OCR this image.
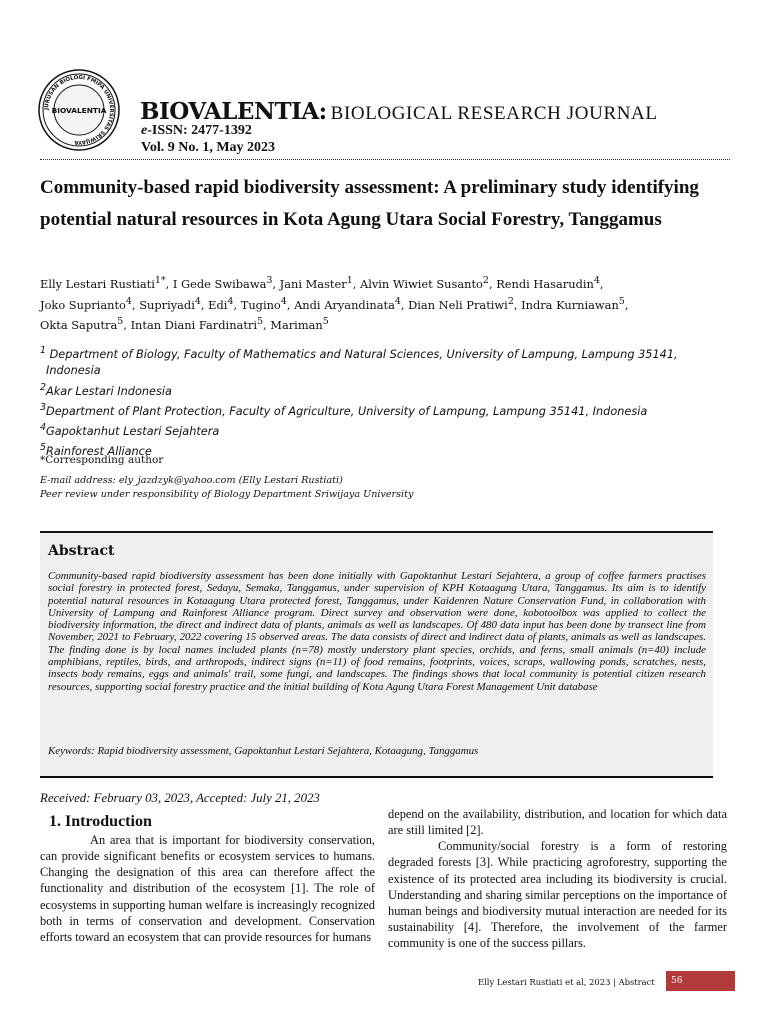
JURUSAN BIOLOGI FMIPA UNIVERSITAS SRIWIJAYA
BIOVALENTIA BIOVALENTIA: BIOLOGICAL RESEARCH JOURNAL
e-ISSN: 2477-1392
Vol. 9 No. 1, May 2023
Community-based rapid biodiversity assessment: A preliminary study identifying potential natural resources in Kota Agung Utara Social Forestry, Tanggamus
Elly Lestari Rustiati$^{1*}$, I Gede Swibawa$^3$, Jani Master$^1$, Alvin Wiwiet Susanto$^2$, Rendi Hasarudin$^4$,
Joko Suprianto$^4$, Supriyadi$^4$, Edi$^4$, Tugino$^4$, Andi Aryandinata$^4$, Dian Neli Pratiwi$^2$, Indra Kurniawan$^5$,
Okta Saputra$^5$, Intan Diani Fardinatri$^5$, Mariman$^5$
$^1$ Department of Biology, Faculty of Mathematics and Natural Sciences, University of Lampung, Lampung 35141,
Indonesia
$^2$Akar Lestari Indonesia
$^3$Department of Plant Protection, Faculty of Agriculture, University of Lampung, Lampung 35141, Indonesia
$^4$Gapoktanhut Lestari Sejahtera
$^5$Rainforest Alliance
*Corresponding author
E-mail address: ely_jazdzyk@yahoo.com (Elly Lestari Rustiati)
Peer review under responsibility of Biology Department Sriwijaya University
Abstract
Community-based rapid biodiversity assessment has been done initially with Gapoktanhut Lestari Sejahtera, a group of coffee farmers practises social forestry in protected forest, Sedayu, Semaka, Tanggamus, under supervision of KPH Kotaagung Utara, Tanggamus. Its aim is to identify potential natural resources in Kotaagung Utara protected forest, Tanggamus, under Kaidenren Nature Conservation Fund, in collaboration with University of Lampung and Rainforest Alliance program. Direct survey and observation were done, kobotoolbox was applied to collect the biodiversity information, the direct and indirect data of plants, animals as well as landscapes. Of 480 data input has been done by transect line from November, 2021 to February, 2022 covering 15 observed areas. The data consists of direct and indirect data of plants, animals as well as landscapes. The finding done is by local names included plants (n=78) mostly understory plant species, orchids, and ferns, small animals (n=40) include amphibians, reptiles, birds, and arthropods, indirect signs (n=11) of food remains, footprints, voices, scraps, wallowing ponds, scratches, nests, insects body remains, eggs and animals' trail, some fungi, and landscapes. The findings shows that local community is potential citizen research resources, supporting social forestry practice and the initial building of Kota Agung Utara Forest Management Unit database
Keywords: Rapid biodiversity assessment, Gapoktanhut Lestari Sejahtera, Kotaagung, Tanggamus
Received: February 03, 2023, Accepted: July 21, 2023
1. Introduction

An area that is important for biodiversity conservation, can provide significant benefits or ecosystem services to humans. Changing the designation of this area can therefore affect the functionality and distribution of the ecosystem [1]. The role of ecosystems in supporting human welfare is increasingly recognized both in terms of conservation and development. Conservation efforts toward an ecosystem that can provide resources for humans

depend on the availability, distribution, and location for which data are still limited [2].

Community/social forestry is a form of restoring degraded forests [3]. While practicing agroforestry, supporting the existence of its protected area including its biodiversity is crucial. Understanding and sharing similar perceptions on the importance of human beings and biodiversity mutual interaction are needed for its sustainability [4]. Therefore, the involvement of the farmer community is one of the success pillars.

Elly Lestari Rustiati et al, 2023 | Abstract	56
